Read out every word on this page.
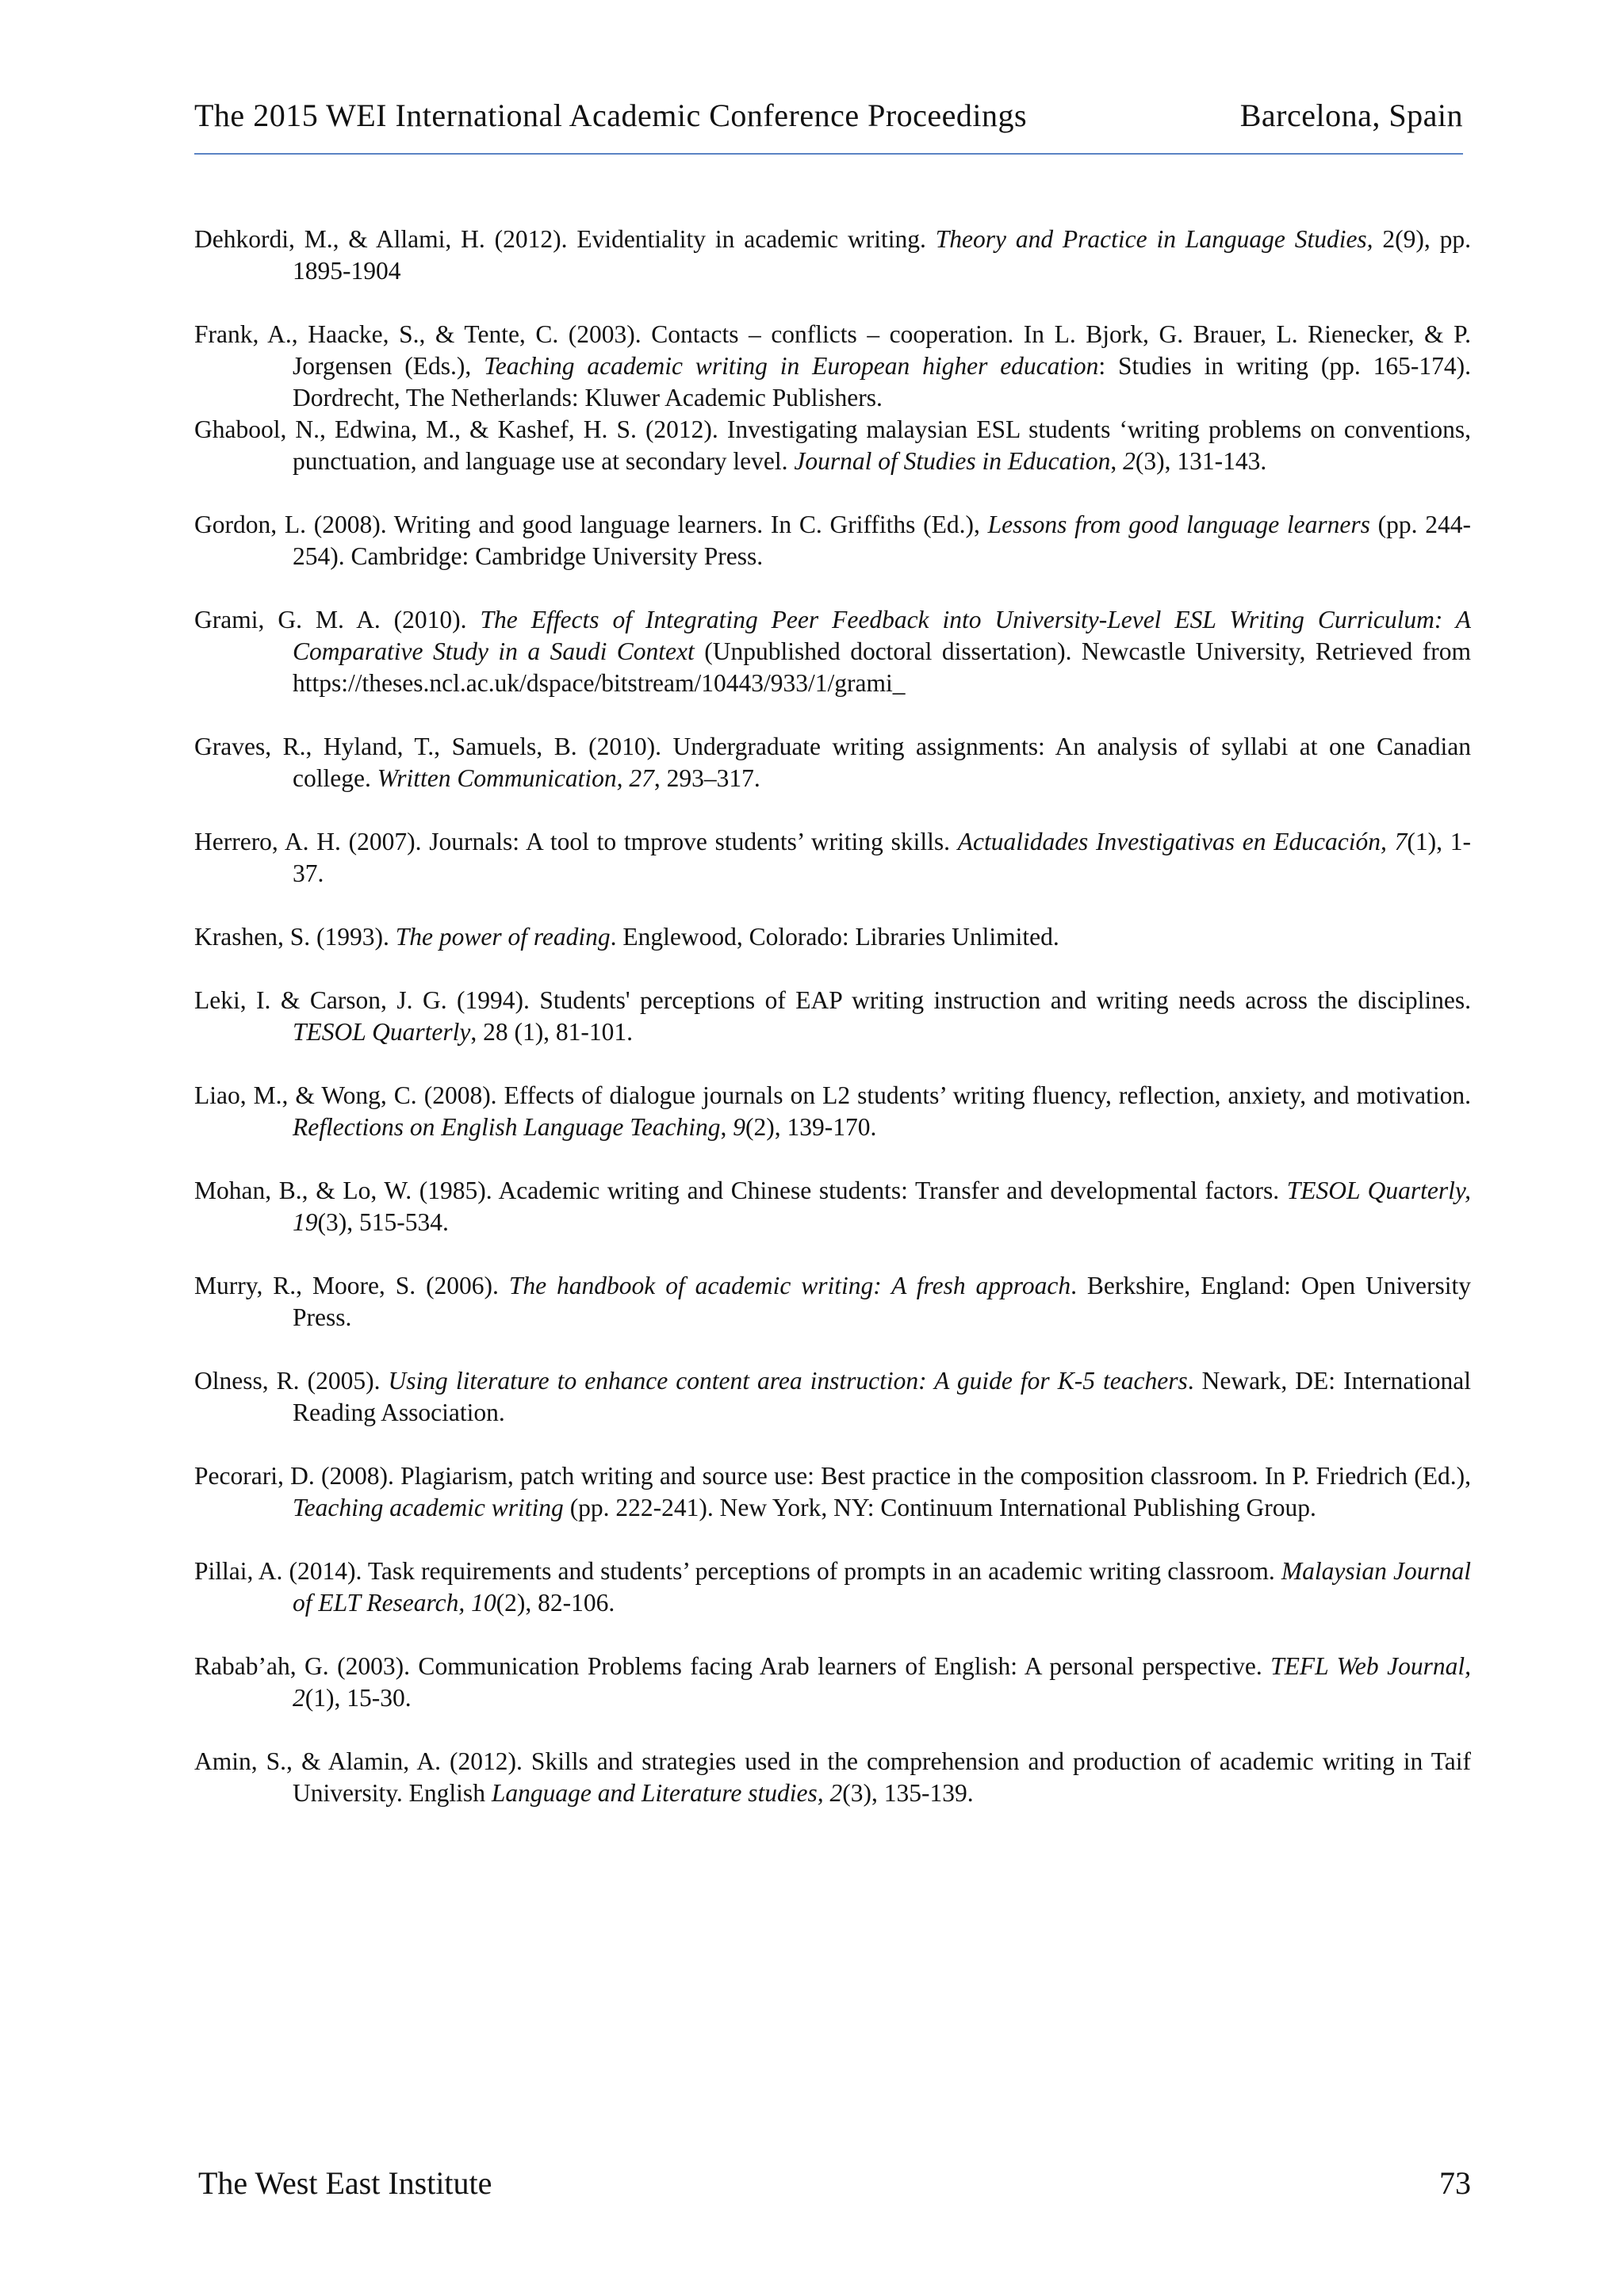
The 2015 WEI International Academic Conference Proceedings	Barcelona, Spain

Dehkordi, M., & Allami, H. (2012). Evidentiality in academic writing. Theory and Practice in Language Studies, 2(9), pp. 1895-1904

Frank, A., Haacke, S., & Tente, C. (2003). Contacts – conflicts – cooperation. In L. Bjork, G. Brauer, L. Rienecker, & P. Jorgensen (Eds.), Teaching academic writing in European higher education: Studies in writing (pp. 165-174). Dordrecht, The Netherlands: Kluwer Academic Publishers.

Ghabool, N., Edwina, M., & Kashef, H. S. (2012). Investigating malaysian ESL students ‘writing problems on conventions, punctuation, and language use at secondary level. Journal of Studies in Education, 2(3), 131-143.

Gordon, L. (2008). Writing and good language learners. In C. Griffiths (Ed.), Lessons from good language learners (pp. 244-254). Cambridge: Cambridge University Press.

Grami, G. M. A. (2010). The Effects of Integrating Peer Feedback into University-Level ESL Writing Curriculum: A Comparative Study in a Saudi Context (Unpublished doctoral dissertation). Newcastle University, Retrieved from https://theses.ncl.ac.uk/dspace/bitstream/10443/933/1/grami_

Graves, R., Hyland, T., Samuels, B. (2010). Undergraduate writing assignments: An analysis of syllabi at one Canadian college. Written Communication, 27, 293–317.

Herrero, A. H. (2007). Journals: A tool to tmprove students’ writing skills. Actualidades Investigativas en Educación, 7(1), 1-37.

Krashen, S. (1993). The power of reading. Englewood, Colorado: Libraries Unlimited.

Leki, I. & Carson, J. G. (1994). Students' perceptions of EAP writing instruction and writing needs across the disciplines. TESOL Quarterly, 28 (1), 81-101.

Liao, M., & Wong, C. (2008). Effects of dialogue journals on L2 students’ writing fluency, reflection, anxiety, and motivation. Reflections on English Language Teaching, 9(2), 139-170.

Mohan, B., & Lo, W. (1985). Academic writing and Chinese students: Transfer and developmental factors. TESOL Quarterly, 19(3), 515-534.

Murry, R., Moore, S. (2006). The handbook of academic writing: A fresh approach. Berkshire, England: Open University Press.

Olness, R. (2005). Using literature to enhance content area instruction: A guide for K-5 teachers. Newark, DE: International Reading Association.

Pecorari, D. (2008). Plagiarism, patch writing and source use: Best practice in the composition classroom. In P. Friedrich (Ed.), Teaching academic writing (pp. 222-241). New York, NY: Continuum International Publishing Group.

Pillai, A. (2014). Task requirements and students’ perceptions of prompts in an academic writing classroom. Malaysian Journal of ELT Research, 10(2), 82-106.

Rabab’ah, G. (2003). Communication Problems facing Arab learners of English: A personal perspective. TEFL Web Journal, 2(1), 15-30.

Amin, S., & Alamin, A. (2012). Skills and strategies used in the comprehension and production of academic writing in Taif University. English Language and Literature studies, 2(3), 135-139.

The West East Institute	73
